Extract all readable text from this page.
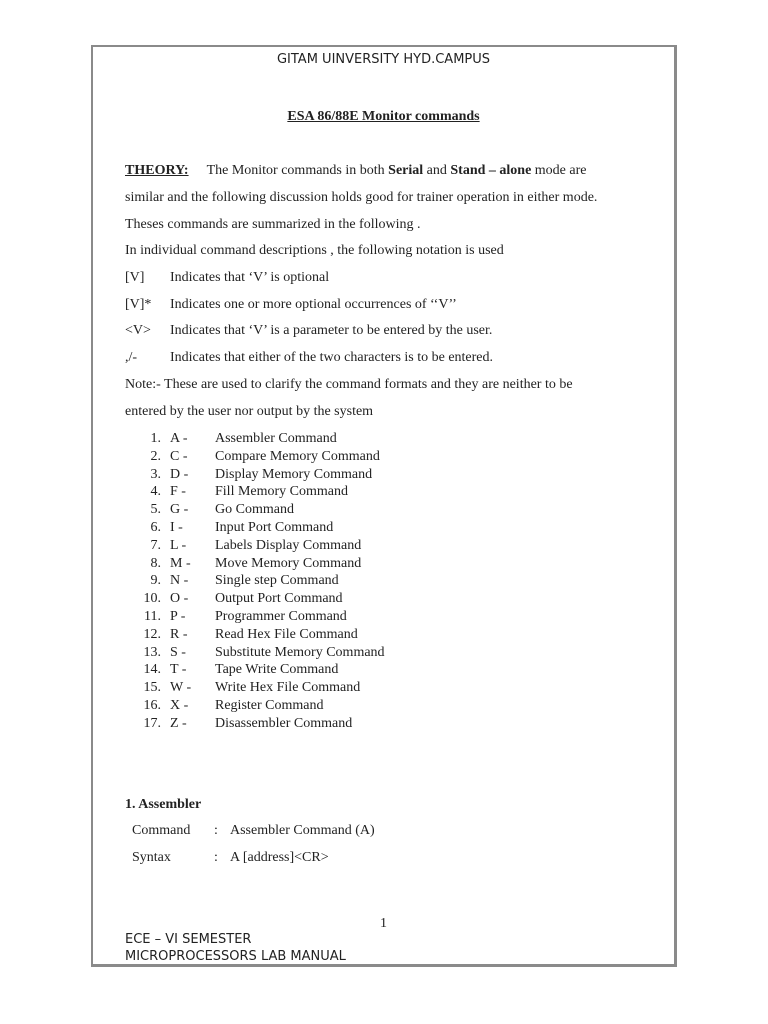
GITAM UINVERSITY HYD.CAMPUS
ESA 86/88E Monitor commands
THEORY: The Monitor commands in both Serial and Stand – alone mode are
similar and the following discussion holds good for trainer operation in either mode.
Theses commands are summarized in the following .
In individual command descriptions , the following notation is used
[V] Indicates that ‘V’ is optional
[V]* Indicates one or more optional occurrences of ‘‘V’’
<V> Indicates that ‘V’ is a parameter to be entered by the user.
,/- Indicates that either of the two characters is to be entered.
Note:- These are used to clarify the command formats and they are neither to be
entered by the user nor output by the system
1. A - Assembler Command
2. C - Compare Memory Command
3. D - Display Memory Command
4. F - Fill Memory Command
5. G - Go Command
6. I - Input Port Command
7. L - Labels Display Command
8. M - Move Memory Command
9. N - Single step Command
10. O - Output Port Command
11. P - Programmer Command
12. R - Read Hex File Command
13. S - Substitute Memory Command
14. T - Tape Write Command
15. W - Write Hex File Command
16. X - Register Command
17. Z - Disassembler Command
1. Assembler
Command : Assembler Command (A)
Syntax	: A [address]<CR>
1
ECE – VI SEMESTER
MICROPROCESSORS LAB MANUAL
